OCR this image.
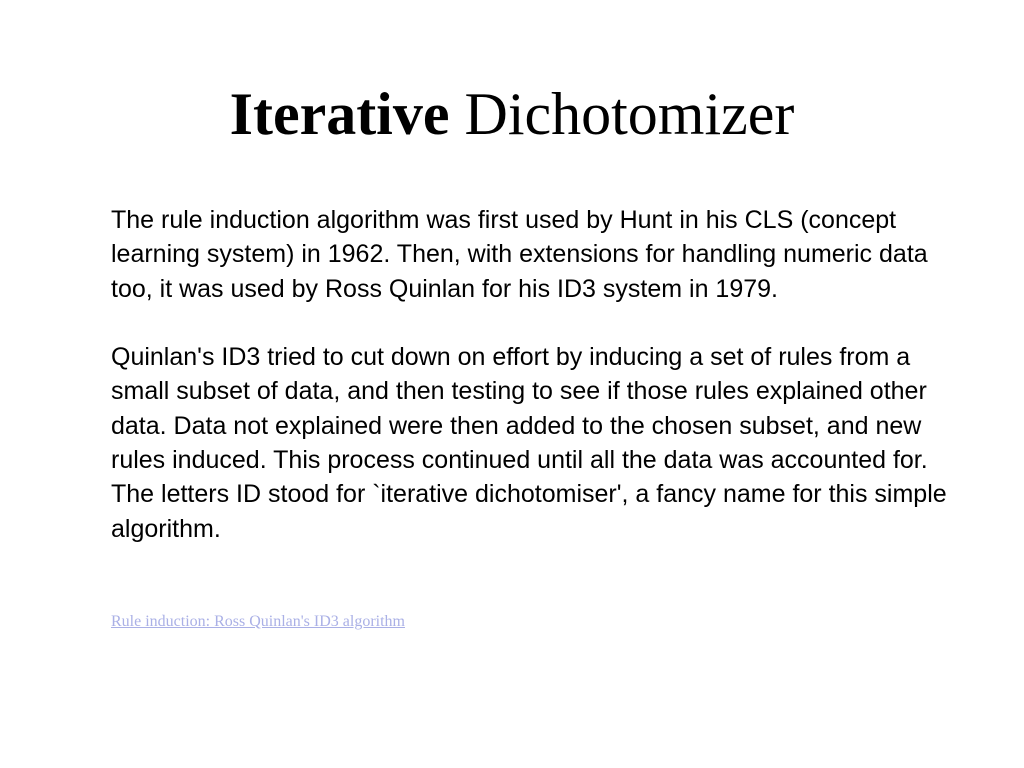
Iterative Dichotomizer

The rule induction algorithm was first used by Hunt in his CLS (concept learning system) in 1962. Then, with extensions for handling numeric data too, it was used by Ross Quinlan for his ID3 system in 1979.

Quinlan's ID3 tried to cut down on effort by inducing a set of rules from a small subset of data, and then testing to see if those rules explained other data. Data not explained were then added to the chosen subset, and new rules induced. This process continued until all the data was accounted for. The letters ID stood for `iterative dichotomiser', a fancy name for this simple algorithm.

Rule induction: Ross Quinlan's ID3 algorithm
